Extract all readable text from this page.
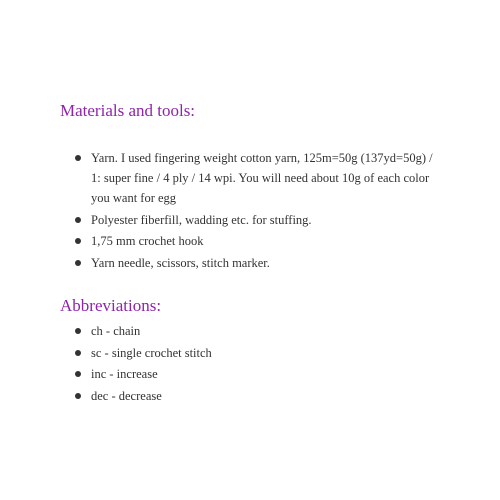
Materials and tools:
Yarn. I used fingering weight cotton yarn, 125m=50g (137yd=50g) / 1: super fine / 4 ply / 14 wpi. You will need about 10g of each color you want for egg
Polyester fiberfill, wadding etc. for stuffing.
1,75 mm crochet hook
Yarn needle, scissors, stitch marker.
Abbreviations:
ch - chain
sc - single crochet stitch
inc - increase
dec - decrease
